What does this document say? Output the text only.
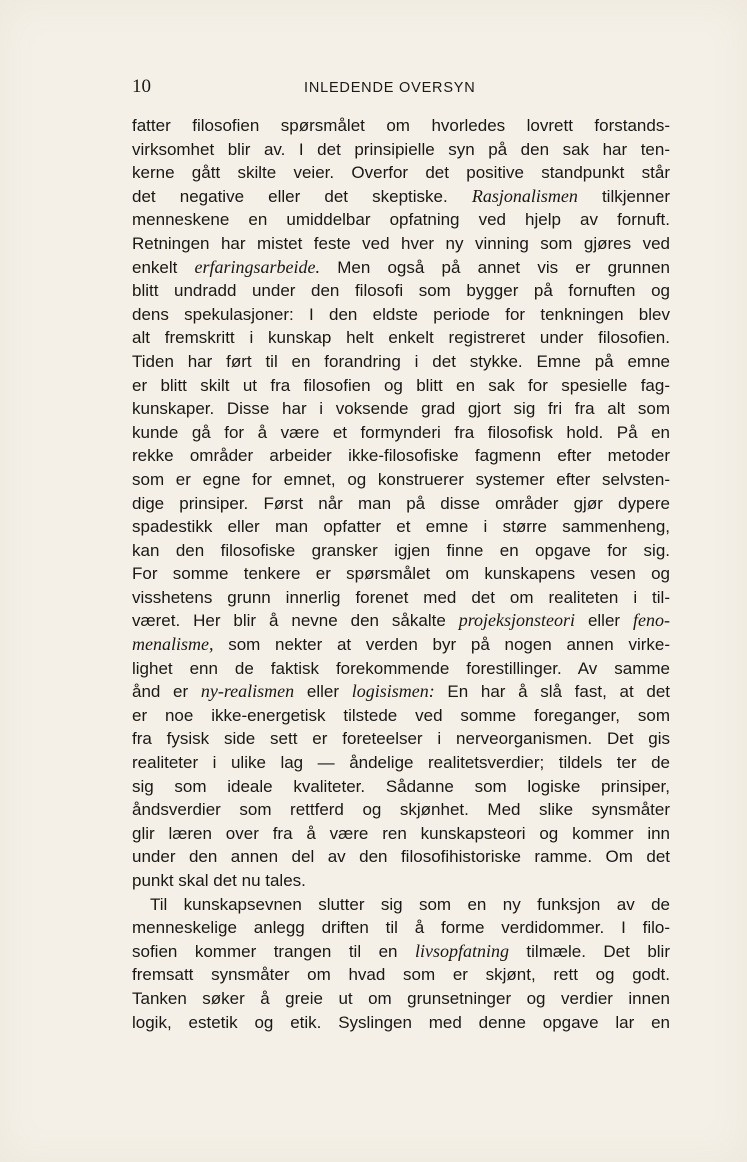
10	INLEDENDE OVERSYN
fatter filosofien spørsmålet om hvorledes lovrett forstands-
virksomhet blir av. I det prinsipielle syn på den sak har ten-
kerne gått skilte veier. Overfor det positive standpunkt står
det negative eller det skeptiske. Rasjonalismen tilkjenner
menneskene en umiddelbar opfatning ved hjelp av fornuft.
Retningen har mistet feste ved hver ny vinning som gjøres ved
enkelt erfaringsarbeide. Men også på annet vis er grunnen
blitt undradd under den filosofi som bygger på fornuften og
dens spekulasjoner: I den eldste periode for tenkningen blev
alt fremskritt i kunskap helt enkelt registreret under filosofien.
Tiden har ført til en forandring i det stykke. Emne på emne
er blitt skilt ut fra filosofien og blitt en sak for spesielle fag-
kunskaper. Disse har i voksende grad gjort sig fri fra alt som
kunde gå for å være et formynderi fra filosofisk hold. På en
rekke områder arbeider ikke-filosofiske fagmenn efter metoder
som er egne for emnet, og konstruerer systemer efter selvsten-
dige prinsiper. Først når man på disse områder gjør dypere
spadestikk eller man opfatter et emne i større sammenheng,
kan den filosofiske gransker igjen finne en opgave for sig.
For somme tenkere er spørsmålet om kunskapens vesen og
visshetens grunn innerlig forenet med det om realiteten i til-
været. Her blir å nevne den såkalte projeksjonsteori eller feno-
menalisme, som nekter at verden byr på nogen annen virke-
lighet enn de faktisk forekommende forestillinger. Av samme
ånd er ny-realismen eller logisismen: En har å slå fast, at det
er noe ikke-energetisk tilstede ved somme foreganger, som
fra fysisk side sett er foreteelser i nerveorganismen. Det gis
realiteter i ulike lag — åndelige realitetsverdier; tildels ter de
sig som ideale kvaliteter. Sådanne som logiske prinsiper,
åndsverdier som rettferd og skjønhet. Med slike synsmåter
glir læren over fra å være ren kunskapsteori og kommer inn
under den annen del av den filosofihistoriske ramme. Om det
punkt skal det nu tales.
Til kunskapsevnen slutter sig som en ny funksjon av de
menneskelige anlegg driften til å forme verdidommer. I filo-
sofien kommer trangen til en livsopfatning tilmæle. Det blir
fremsatt synsmåter om hvad som er skjønt, rett og godt.
Tanken søker å greie ut om grunsetninger og verdier innen
logik, estetik og etik. Syslingen med denne opgave lar en
